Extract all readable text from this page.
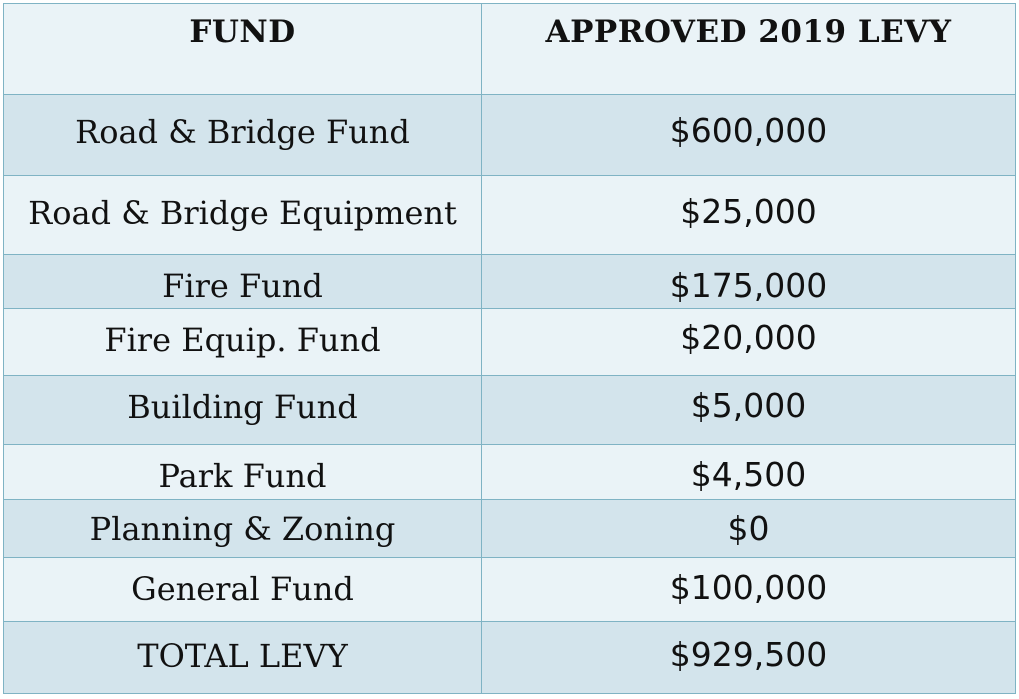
FUND	APPROVED 2019 LEVY
Road & Bridge Fund	$600,000
Road & Bridge Equipment	$25,000
Fire Fund	$175,000
Fire Equip. Fund	$20,000
Building Fund	$5,000
Park Fund	$4,500
Planning & Zoning	$0
General Fund	$100,000
TOTAL LEVY	$929,500
